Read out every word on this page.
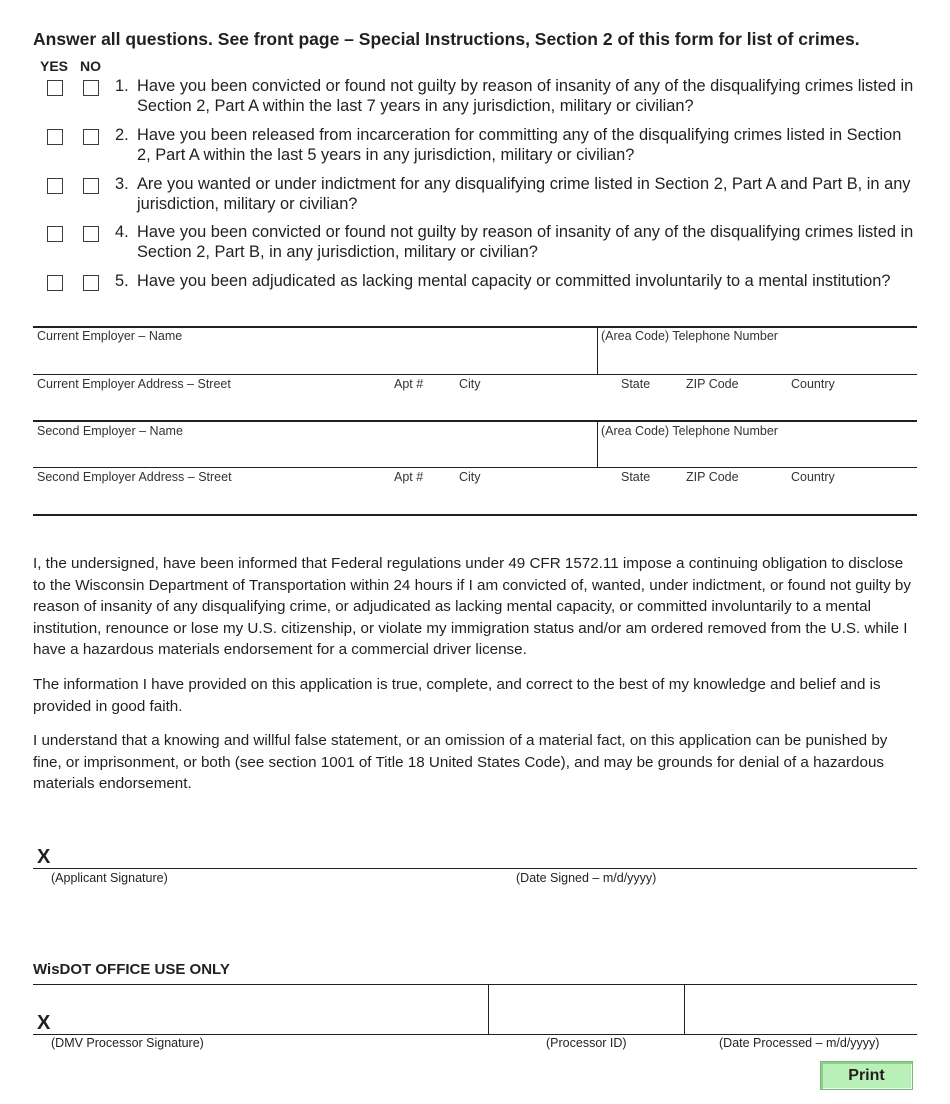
Answer all questions. See front page – Special Instructions, Section 2 of this form for list of crimes.
YES NO
1. Have you been convicted or found not guilty by reason of insanity of any of the disqualifying crimes listed in Section 2, Part A within the last 7 years in any jurisdiction, military or civilian?
2. Have you been released from incarceration for committing any of the disqualifying crimes listed in Section 2, Part A within the last 5 years in any jurisdiction, military or civilian?
3. Are you wanted or under indictment for any disqualifying crime listed in Section 2, Part A and Part B, in any jurisdiction, military or civilian?
4. Have you been convicted or found not guilty by reason of insanity of any of the disqualifying crimes listed in Section 2, Part B, in any jurisdiction, military or civilian?
5. Have you been adjudicated as lacking mental capacity or committed involuntarily to a mental institution?
Current Employer – Name	(Area Code) Telephone Number
Current Employer Address – Street	Apt #	City	State	ZIP Code	Country
Second Employer – Name	(Area Code) Telephone Number
Second Employer Address – Street	Apt #	City	State	ZIP Code	Country
I, the undersigned, have been informed that Federal regulations under 49 CFR 1572.11 impose a continuing obligation to disclose to the Wisconsin Department of Transportation within 24 hours if I am convicted of, wanted, under indictment, or found not guilty by reason of insanity of any disqualifying crime, or adjudicated as lacking mental capacity, or committed involuntarily to a mental institution, renounce or lose my U.S. citizenship, or violate my immigration status and/or am ordered removed from the U.S. while I have a hazardous materials endorsement for a commercial driver license.
The information I have provided on this application is true, complete, and correct to the best of my knowledge and belief and is provided in good faith.
I understand that a knowing and willful false statement, or an omission of a material fact, on this application can be punished by fine, or imprisonment, or both (see section 1001 of Title 18 United States Code), and may be grounds for denial of a hazardous materials endorsement.
X
(Applicant Signature)	(Date Signed – m/d/yyyy)
WisDOT OFFICE USE ONLY
X
(DMV Processor Signature)	(Processor ID)	(Date Processed – m/d/yyyy)
Print
